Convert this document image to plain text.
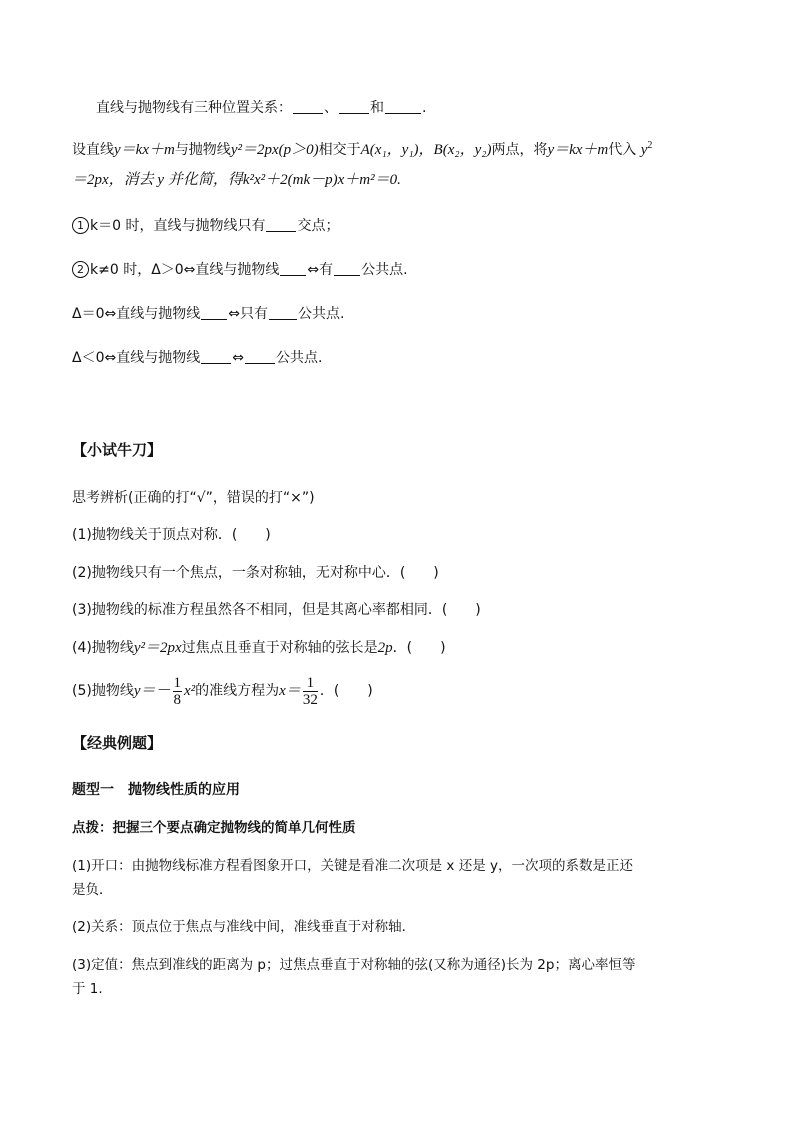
直线与抛物线有三种位置关系： 、 和	.
设直线y＝kx＋m与抛物线y²＝2px(p＞0)相交于A(x₁，y₁)，B(x₂，y₂)两点，将y＝kx＋m代入 $y^2$
＝2px，消去 y 并化简，得k²x²＋2(mk－p)x＋m²＝0.
1 k＝0 时，直线与抛物线只有 交点；
2 k≠0 时，Δ＞0⇔直线与抛物线 ⇔有 公共点.
Δ＝0⇔直线与抛物线 ⇔只有 公共点.
Δ＜0⇔直线与抛物线 ⇔ 公共点.
【小试牛刀】
思考辨析(正确的打“√”，错误的打“×”)
(1)抛物线关于顶点对称．(　　)
(2)抛物线只有一个焦点，一条对称轴，无对称中心．(　　)
(3)抛物线的标准方程虽然各不相同，但是其离心率都相同．(　　)
(4)抛物线y²＝2px过焦点且垂直于对称轴的弦长是2p．(　　)
(5)抛物线$y=- \frac{1}{8} x^2$的准线方程为$x= \frac{1}{32}$ ．(　　)
【经典例题】
题型一　抛物线性质的应用
点拨：把握三个要点确定抛物线的简单几何性质
(1)开口：由抛物线标准方程看图象开口，关键是看准二次项是 x 还是 y，一次项的系数是正还
是负．
(2)关系：顶点位于焦点与准线中间，准线垂直于对称轴．
(3)定值：焦点到准线的距离为 p；过焦点垂直于对称轴的弦(又称为通径)长为 2p；离心率恒等
于 1.
